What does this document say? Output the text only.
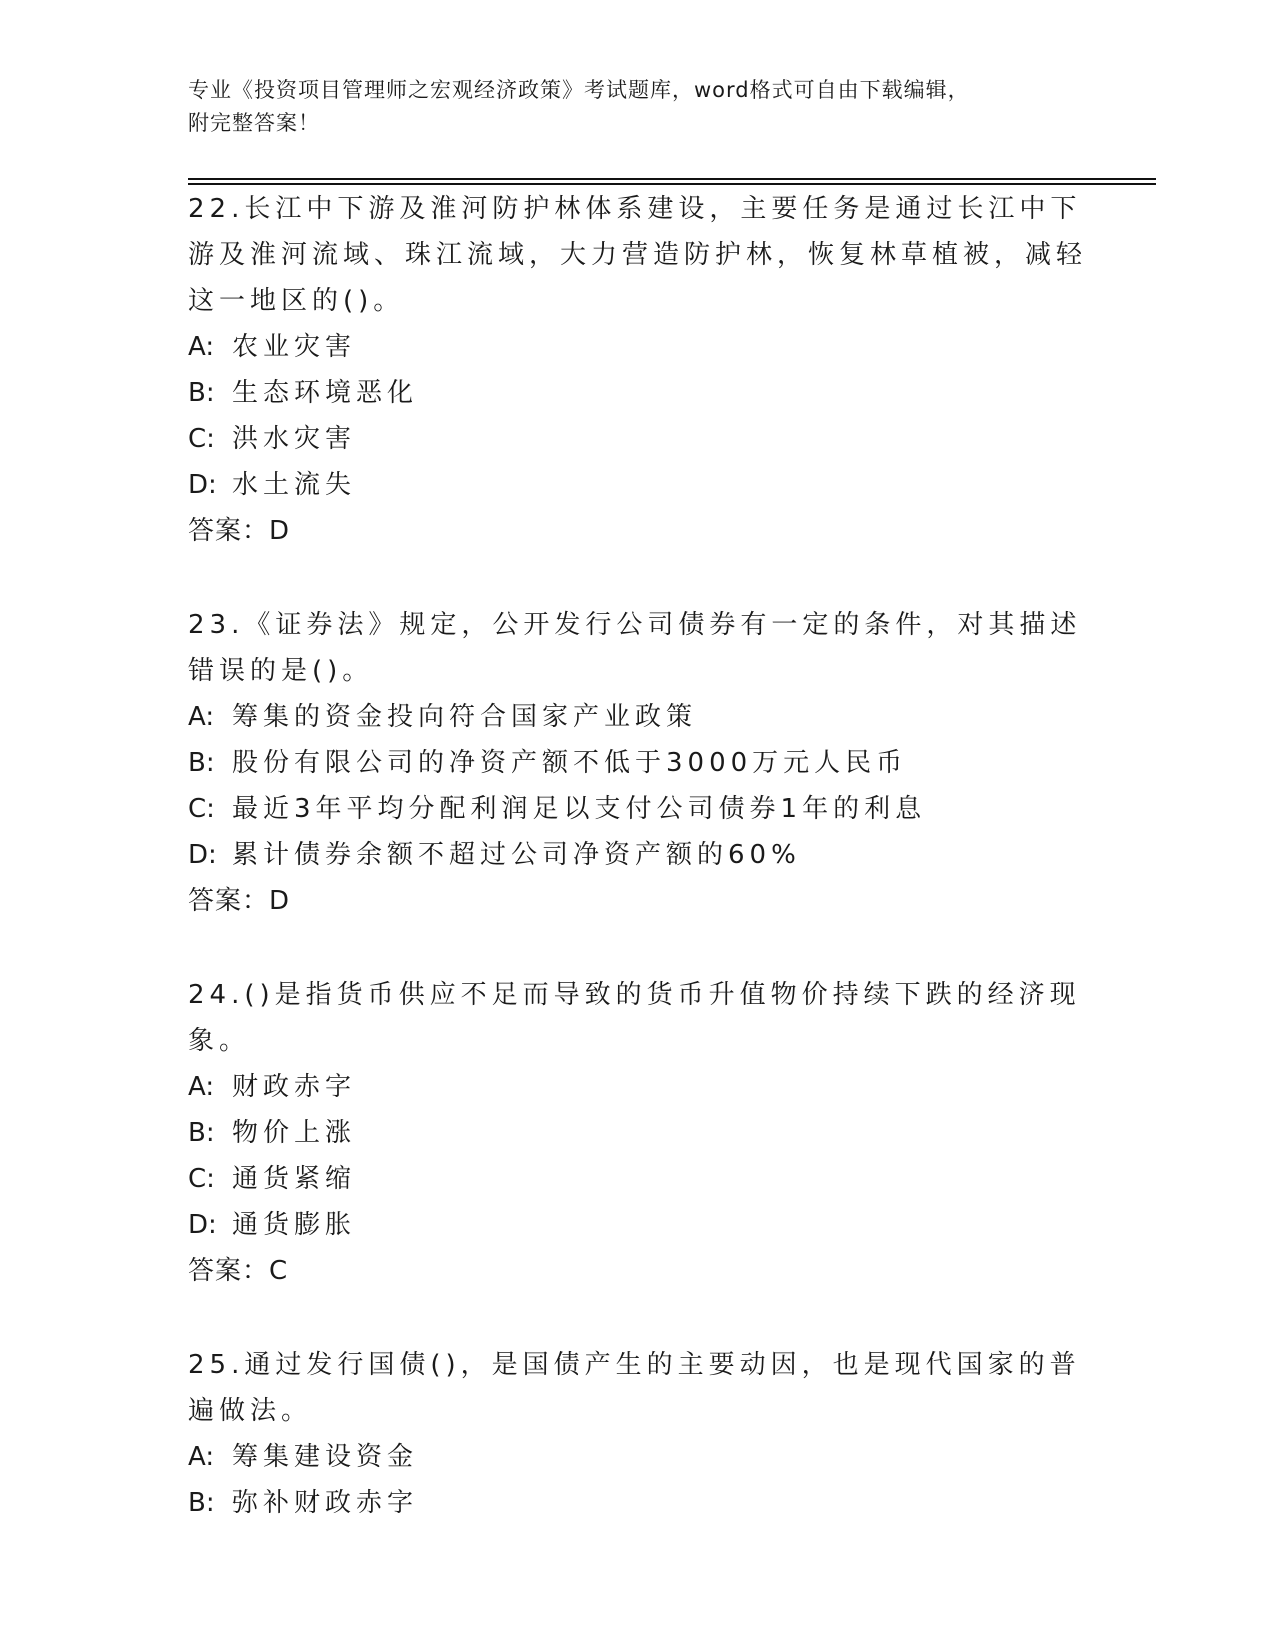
专业《投资项目管理师之宏观经济政策》考试题库，word格式可自由下载编辑，
附完整答案！

22.长江中下游及淮河防护林体系建设，主要任务是通过长江中下游及淮河流域、珠江流域，大力营造防护林，恢复林草植被，减轻这一地区的()。

A: 农业灾害

B: 生态环境恶化

C: 洪水灾害

D: 水土流失

答案：D

23.《证券法》规定，公开发行公司债券有一定的条件，对其描述错误的是()。

A: 筹集的资金投向符合国家产业政策

B: 股份有限公司的净资产额不低于3000万元人民币

C: 最近3年平均分配利润足以支付公司债券1年的利息

D: 累计债券余额不超过公司净资产额的60%

答案：D

24.()是指货币供应不足而导致的货币升值物价持续下跌的经济现象。

A: 财政赤字

B: 物价上涨

C: 通货紧缩

D: 通货膨胀

答案：C

25.通过发行国债()，是国债产生的主要动因，也是现代国家的普遍做法。

A: 筹集建设资金

B: 弥补财政赤字
